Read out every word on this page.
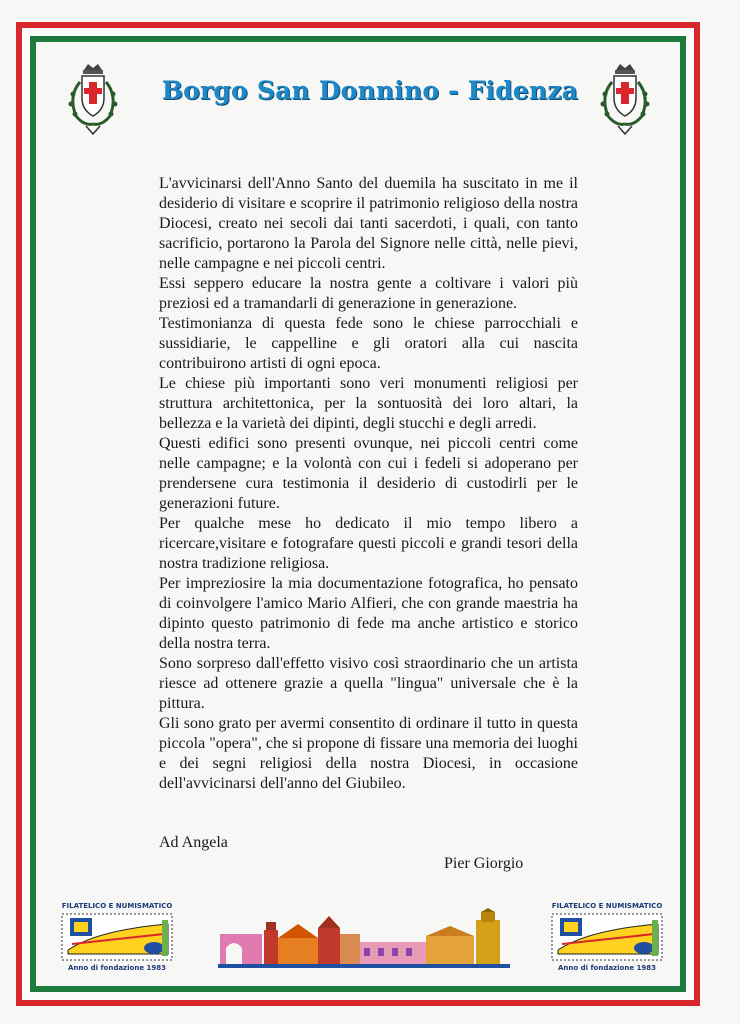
Borgo San Donnino - Fidenza

L'avvicinarsi dell'Anno Santo del duemila ha suscitato in me il desiderio di visitare e scoprire il patrimonio religioso della nostra Diocesi, creato nei secoli dai tanti sacerdoti, i quali, con tanto sacrificio, portarono la Parola del Signore nelle città, nelle pievi, nelle campagne e nei piccoli centri.

Essi seppero educare la nostra gente a coltivare i valori più preziosi ed a tramandarli di generazione in generazione.

Testimonianza di questa fede sono le chiese parrocchiali e sussidiarie, le cappelline e gli oratori alla cui nascita contribuirono artisti di ogni epoca.

Le chiese più importanti sono veri monumenti religiosi per struttura architettonica, per la sontuosità dei loro altari, la bellezza e la varietà dei dipinti, degli stucchi e degli arredi.

Questi edifici sono presenti ovunque, nei piccoli centri come nelle campagne; e la volontà con cui i fedeli si adoperano per prendersene cura testimonia il desiderio di custodirli per le generazioni future.

Per qualche mese ho dedicato il mio tempo libero a ricercare,visitare e fotografare questi piccoli e grandi tesori della nostra tradizione religiosa.

Per impreziosire la mia documentazione fotografica, ho pensato di coinvolgere l'amico Mario Alfieri, che con grande maestria ha dipinto questo patrimonio di fede ma anche artistico e storico della nostra terra.

Sono sorpreso dall'effetto visivo così straordinario che un artista riesce ad ottenere grazie a quella "lingua" universale che è la pittura.

Gli sono grato per avermi consentito di ordinare il tutto in questa piccola "opera", che si propone di fissare una memoria dei luoghi e dei segni religiosi della nostra Diocesi, in occasione dell'avvicinarsi dell'anno del Giubileo.

Ad Angela
Pier Giorgio
FILATELICO E NUMISMATICO
Anno di fondazione 1983
FILATELICO E NUMISMATICO
Anno di fondazione 1983
